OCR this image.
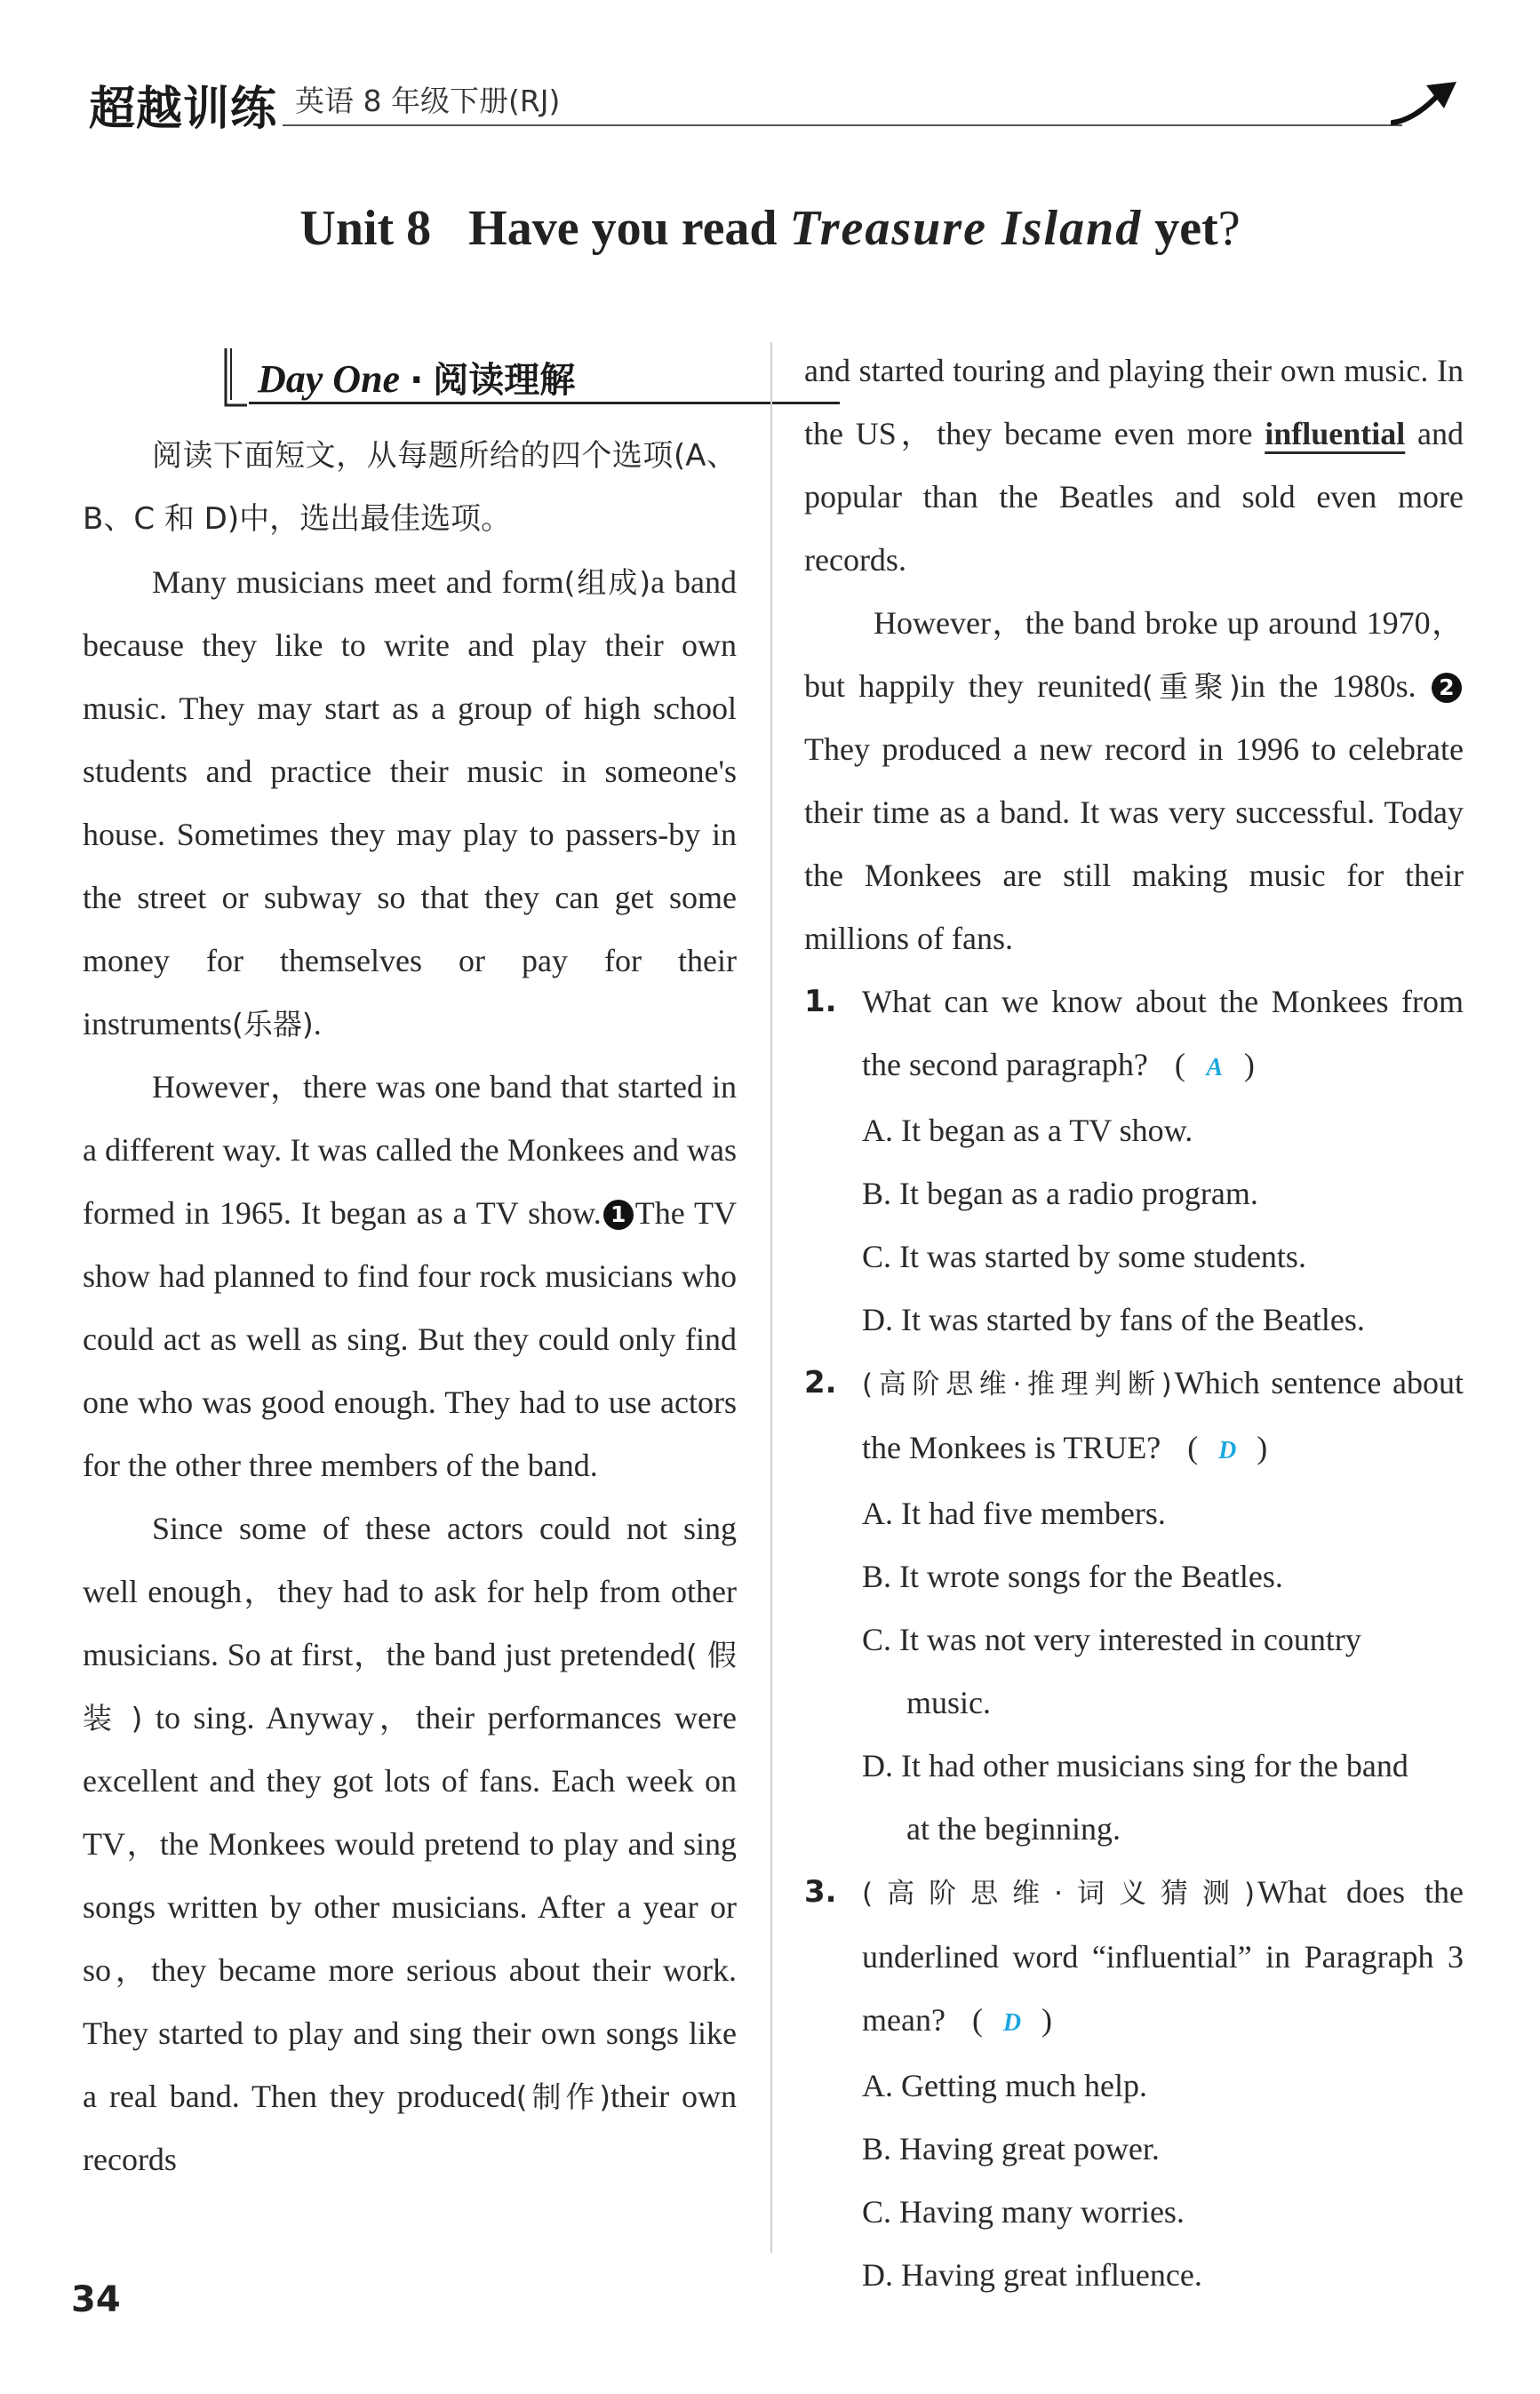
超越训练 英语 8 年级下册(RJ)
Unit 8 Have you read Treasure Island yet?
Day One · 阅读理解

阅读下面短文，从每题所给的四个选项(A、B、C 和 D)中，选出最佳选项。

Many musicians meet and form(组成)a band because they like to write and play their own music. They may start as a group of high school students and practice their music in someone's house. Sometimes they may play to passers-by in the street or subway so that they can get some money for themselves or pay for their instruments(乐器).

However，there was one band that started in a different way. It was called the Monkees and was formed in 1965. It began as a TV show. 1 The TV show had planned to find four rock musicians who could act as well as sing. But they could only find one who was good enough. They had to use actors for the other three members of the band.

Since some of these actors could not sing well enough，they had to ask for help from other musicians. So at first，the band just pretended( 假 装 ) to sing. Anyway，their performances were excellent and they got lots of fans. Each week on TV，the Monkees would pretend to play and sing songs written by other musicians. After a year or so，they became more serious about their work. They started to play and sing their own songs like a real band. Then they produced(制作)their own records

and started touring and playing their own music. In the US，they became even more influential and popular than the Beatles and sold even more records.

However，the band broke up around 1970，but happily they reunited(重聚)in the 1980s. 2They produced a new record in 1996 to celebrate their time as a band. It was very successful. Today the Monkees are still making music for their millions of fans.

1. What can we know about the Monkees from the second paragraph? ( A )
A. It began as a TV show.
B. It began as a radio program.
C. It was started by some students.
D. It was started by fans of the Beatles.
2. (高阶思维·推理判断)Which sentence about the Monkees is TRUE? ( D )
A. It had five members.
B. It wrote songs for the Beatles.
C. It was not very interested in country
music.
D. It had other musicians sing for the band
at the beginning.
3. (高阶思维·词义猜测)What does the underlined word “influential” in Paragraph 3 mean? ( D )
A. Getting much help.
B. Having great power.
C. Having many worries.
D. Having great influence.
34
